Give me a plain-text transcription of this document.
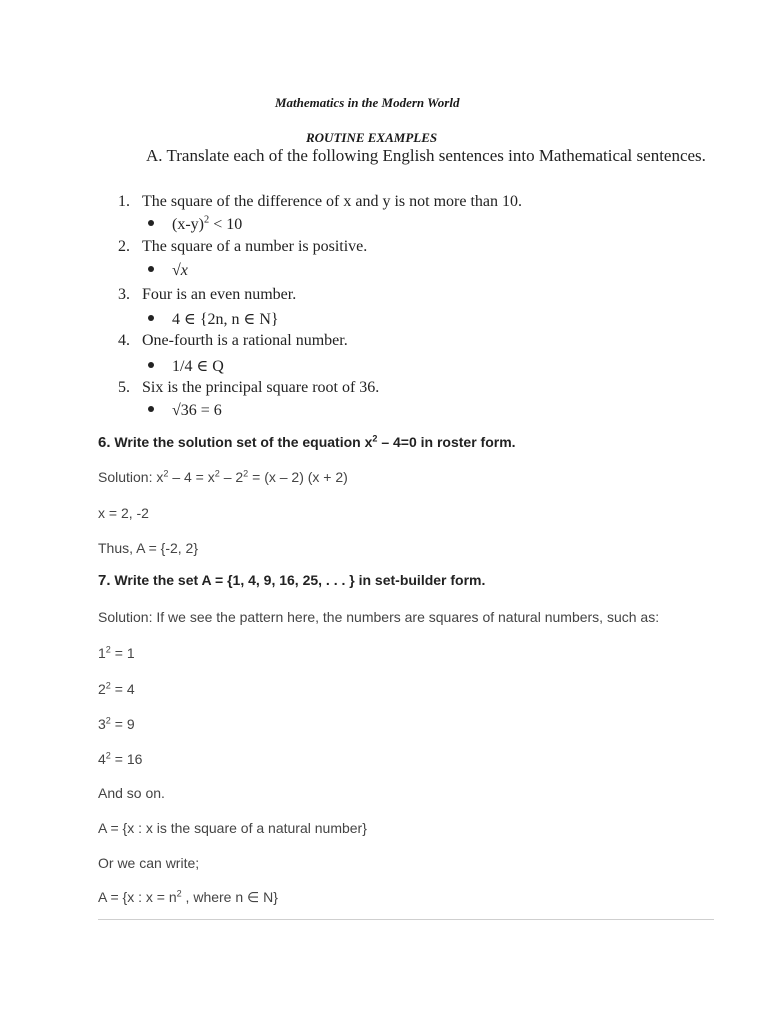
Mathematics in the Modern World
ROUTINE EXAMPLES
A. Translate each of the following English sentences into Mathematical sentences.
1. The square of the difference of x and y is not more than 10.
$(x-y)^2 < 10$
2. The square of a number is positive.
√x
3. Four is an even number.
4 ∈ {2n, n ∈ N}
4. One-fourth is a rational number.
1/4 ∈ Q
5. Six is the principal square root of 36.
√36 = 6
6. Write the solution set of the equation $x^2 - 4=0$ in roster form.
Solution: $x^2 - 4 = x^2 - 2^2 = (x - 2) (x + 2)$
x = 2, -2
Thus, A = {-2, 2}
7. Write the set A = {1, 4, 9, 16, 25, . . . } in set-builder form.
Solution: If we see the pattern here, the numbers are squares of natural numbers, such as:
$1^2 = 1$
$2^2 = 4$
$3^2 = 9$
$4^2 = 16$
And so on.
A = {x : x is the square of a natural number}
Or we can write;
A = {x : $x = n^2$ , where n ∈ N}
